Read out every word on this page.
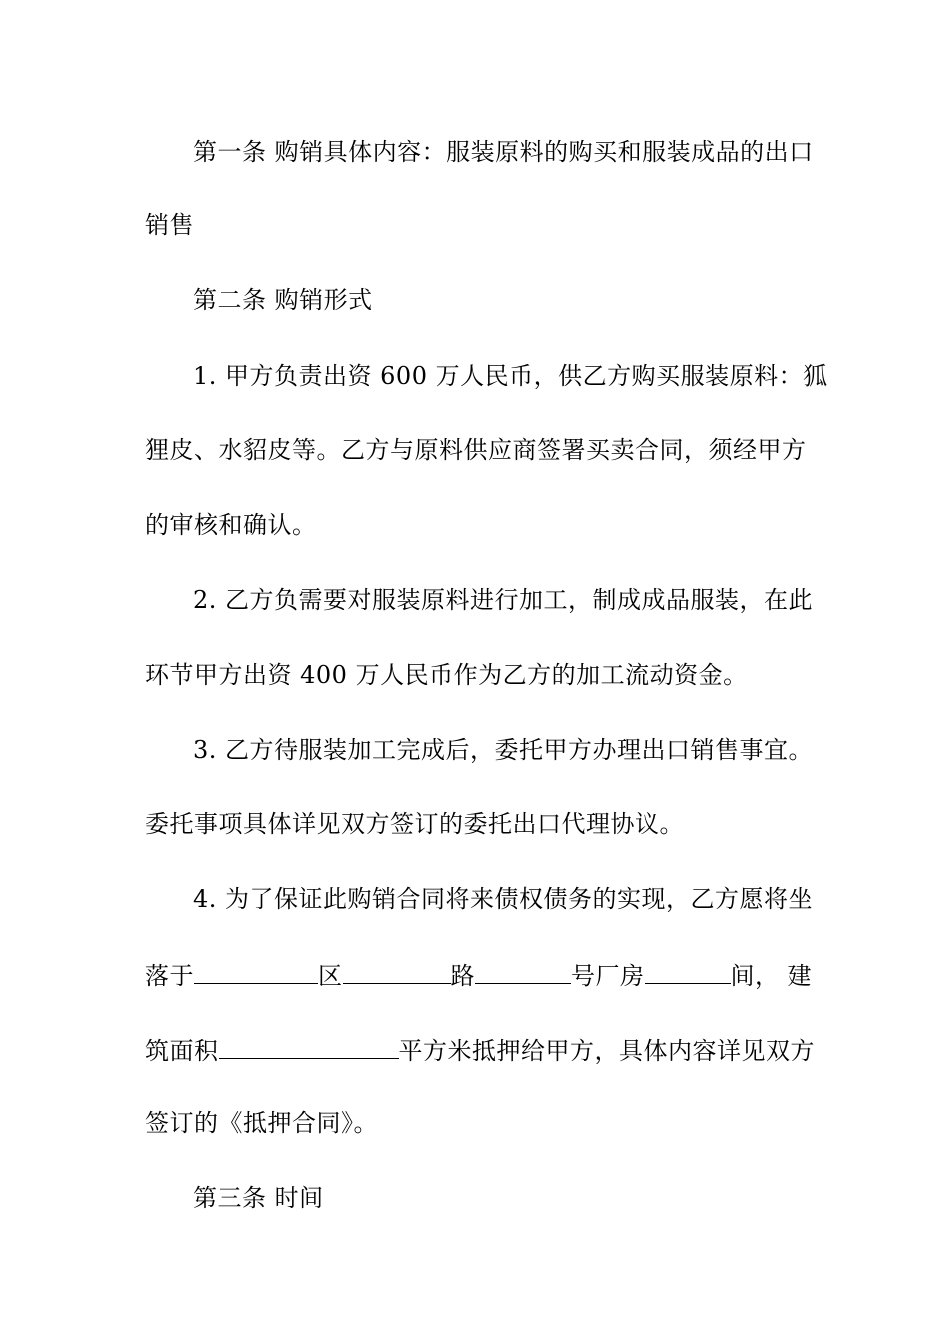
第一条 购销具体内容：服装原料的购买和服装成品的出口
销售
第二条 购销形式
1. 甲方负责出资 600 万人民币，供乙方购买服装原料：狐
狸皮、水貂皮等。乙方与原料供应商签署买卖合同，须经甲方
的审核和确认。
2. 乙方负需要对服装原料进行加工，制成成品服装，在此
环节甲方出资 400 万人民币作为乙方的加工流动资金。
3. 乙方待服装加工完成后，委托甲方办理出口销售事宜。
委托事项具体详见双方签订的委托出口代理协议。
4. 为了保证此购销合同将来债权债务的实现，乙方愿将坐
落于	区	路	号厂房	间， 建
筑面积	平方米抵押给甲方，具体内容详见双方
签订的《抵押合同》。
第三条 时间
